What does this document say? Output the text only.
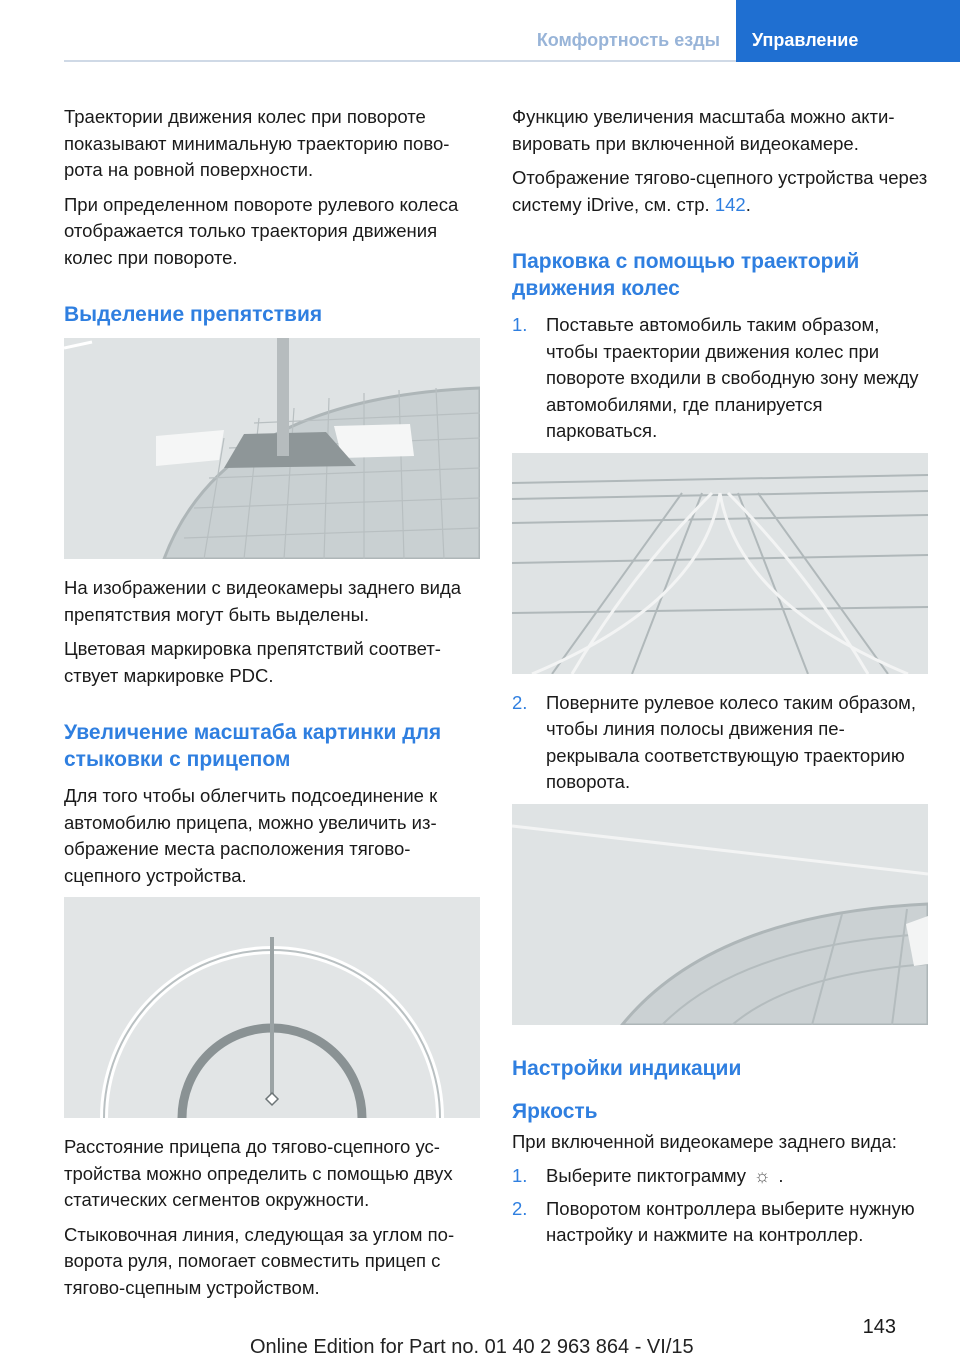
Комфортность езды	Управление

Траектории движения колес при повороте показывают минимальную траекторию поворота на ровной поверхности.

При определенном повороте рулевого колеса отображается только траектория движения колес при повороте.

Выделение препятствия

На изображении с видеокамеры заднего вида препятствия могут быть выделены.

Цветовая маркировка препятствий соответствует маркировке PDC.

Увеличение масштаба картинки для стыковки с прицепом

Для того чтобы облегчить подсоединение к автомобилю прицепа, можно увеличить изображение места расположения тягово-сцепного устройства.

Расстояние прицепа до тягово-сцепного устройства можно определить с помощью двух статических сегментов окружности.

Стыковочная линия, следующая за углом поворота руля, помогает совместить прицеп с тягово-сцепным устройством.

Функцию увеличения масштаба можно активировать при включенной видеокамере.

Отображение тягово-сцепного устройства через систему iDrive, см. стр. 142.

Парковка с помощью траекторий движения колес
1. Поставьте автомобиль таким образом, чтобы траектории движения колес при повороте входили в свободную зону между автомобилями, где планируется парковаться.
2. Поверните рулевое колесо таким образом, чтобы линия полосы движения перекрывала соответствующую траекторию поворота.
Настройки индикации
Яркость

При включенной видеокамере заднего вида:

1. Выберите пиктограмму ☼ .
2. Поворотом контроллера выберите нужную настройку и нажмите на контроллер.
143
Online Edition for Part no. 01 40 2 963 864 - VI/15
